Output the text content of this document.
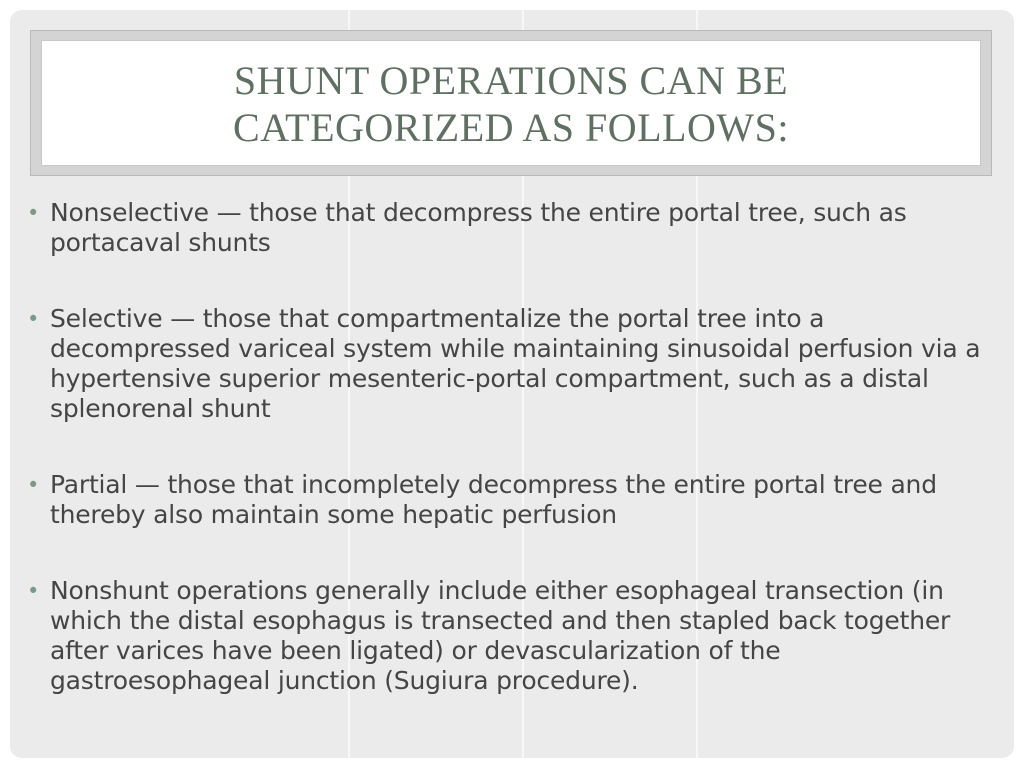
SHUNT OPERATIONS CAN BE
CATEGORIZED AS FOLLOWS:
• Nonselective — those that decompress the entire portal tree, such as portacaval shunts
• Selective — those that compartmentalize the portal tree into a decompressed variceal system while maintaining sinusoidal perfusion via a hypertensive superior mesenteric-portal compartment, such as a distal splenorenal shunt
• Partial — those that incompletely decompress the entire portal tree and thereby also maintain some hepatic perfusion
• Nonshunt operations generally include either esophageal transection (in which the distal esophagus is transected and then stapled back together after varices have been ligated) or devascularization of the gastroesophageal junction (Sugiura procedure).
